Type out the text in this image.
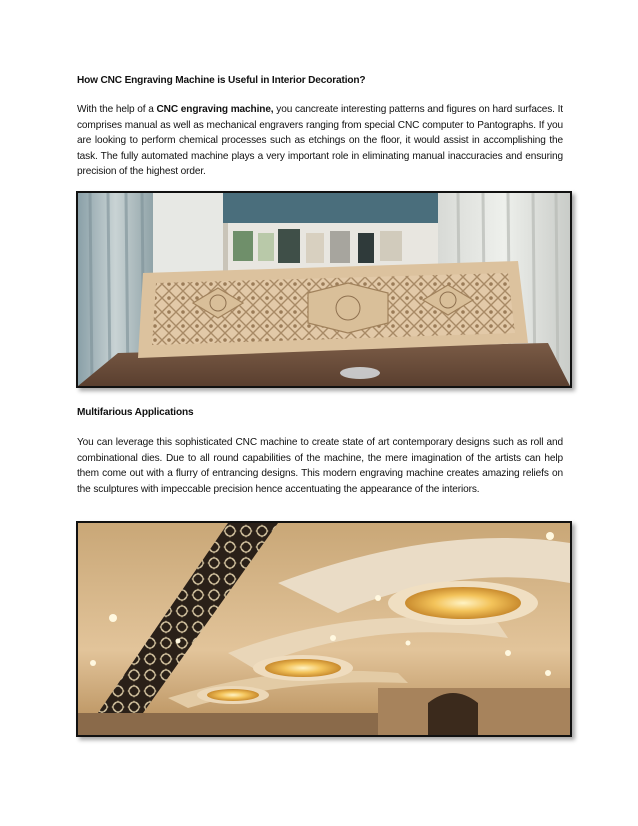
How CNC Engraving Machine is Useful in Interior Decoration?
With the help of a CNC engraving machine, you cancreate interesting patterns and figures on hard surfaces. It comprises manual as well as mechanical engravers ranging from special CNC computer to Pantographs. If you are looking to perform chemical processes such as etchings on the floor, it would assist in accomplishing the task. The fully automated machine plays a very important role in eliminating manual inaccuracies and ensuring precision of the highest order.
Multifarious Applications
You can leverage this sophisticated CNC machine to create state of art contemporary designs such as roll and combinational dies. Due to all round capabilities of the machine, the mere imagination of the artists can help them come out with a flurry of entrancing designs. This modern engraving machine creates amazing reliefs on the sculptures with impeccable precision hence accentuating the appearance of the interiors.
